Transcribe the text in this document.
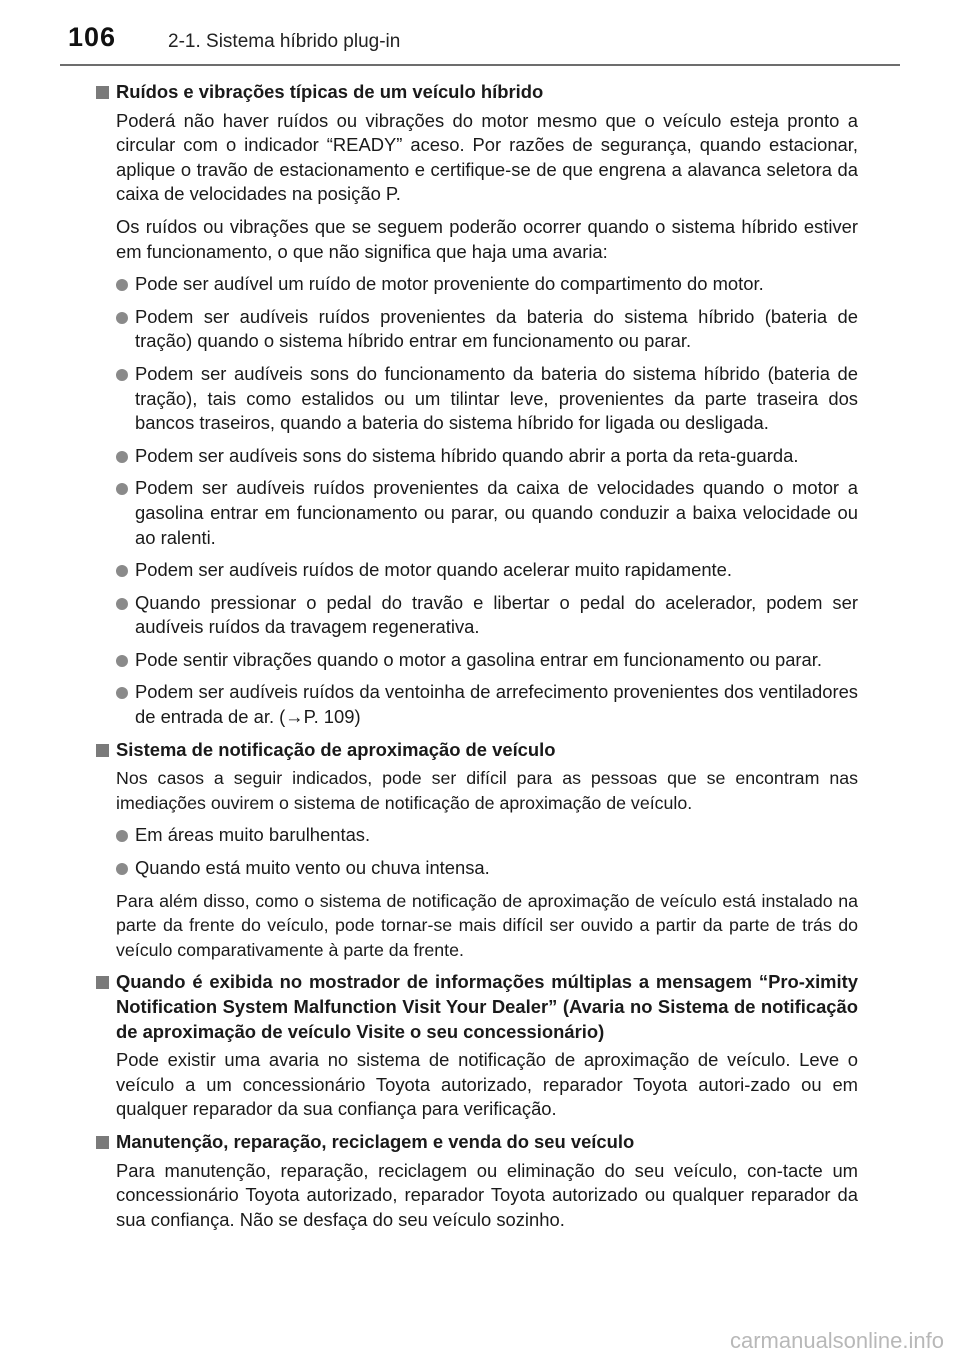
106	2-1. Sistema híbrido plug-in
Ruídos e vibrações típicas de um veículo híbrido
Poderá não haver ruídos ou vibrações do motor mesmo que o veículo esteja pronto a circular com o indicador “READY” aceso. Por razões de segurança, quando estacionar, aplique o travão de estacionamento e certifique-se de que engrena a alavanca seletora da caixa de velocidades na posição P.
Os ruídos ou vibrações que se seguem poderão ocorrer quando o sistema híbrido estiver em funcionamento, o que não significa que haja uma avaria:
Pode ser audível um ruído de motor proveniente do compartimento do motor.
Podem ser audíveis ruídos provenientes da bateria do sistema híbrido (bateria de tração) quando o sistema híbrido entrar em funcionamento ou parar.
Podem ser audíveis sons do funcionamento da bateria do sistema híbrido (bateria de tração), tais como estalidos ou um tilintar leve, provenientes da parte traseira dos bancos traseiros, quando a bateria do sistema híbrido for ligada ou desligada.
Podem ser audíveis sons do sistema híbrido quando abrir a porta da reta-guarda.
Podem ser audíveis ruídos provenientes da caixa de velocidades quando o motor a gasolina entrar em funcionamento ou parar, ou quando conduzir a baixa velocidade ou ao ralenti.
Podem ser audíveis ruídos de motor quando acelerar muito rapidamente.
Quando pressionar o pedal do travão e libertar o pedal do acelerador, podem ser audíveis ruídos da travagem regenerativa.
Pode sentir vibrações quando o motor a gasolina entrar em funcionamento ou parar.
Podem ser audíveis ruídos da ventoinha de arrefecimento provenientes dos ventiladores de entrada de ar. (→P. 109)
Sistema de notificação de aproximação de veículo
Nos casos a seguir indicados, pode ser difícil para as pessoas que se encontram nas imediações ouvirem o sistema de notificação de aproximação de veículo.
Em áreas muito barulhentas.
Quando está muito vento ou chuva intensa.
Para além disso, como o sistema de notificação de aproximação de veículo está instalado na parte da frente do veículo, pode tornar-se mais difícil ser ouvido a partir da parte de trás do veículo comparativamente à parte da frente.
Quando é exibida no mostrador de informações múltiplas a mensagem “Pro-ximity Notification System Malfunction Visit Your Dealer” (Avaria no Sistema de notificação de aproximação de veículo Visite o seu concessionário)
Pode existir uma avaria no sistema de notificação de aproximação de veículo. Leve o veículo a um concessionário Toyota autorizado, reparador Toyota autori-zado ou em qualquer reparador da sua confiança para verificação.
Manutenção, reparação, reciclagem e venda do seu veículo
Para manutenção, reparação, reciclagem ou eliminação do seu veículo, con-tacte um concessionário Toyota autorizado, reparador Toyota autorizado ou qualquer reparador da sua confiança. Não se desfaça do seu veículo sozinho.
carmanualsonline.info
